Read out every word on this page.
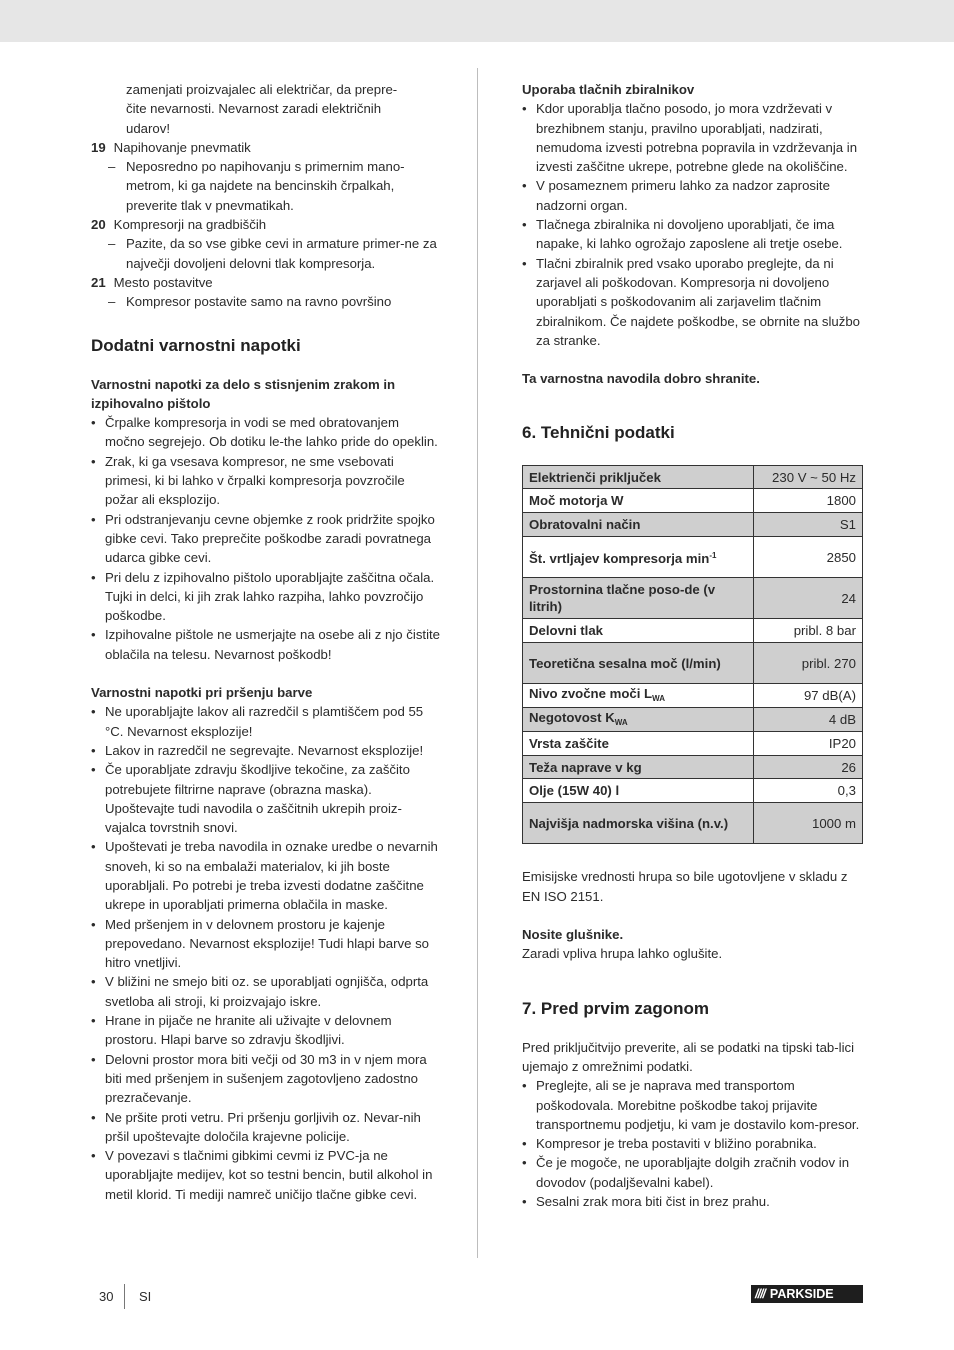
zamenjati proizvajalec ali električar, da prepre-

čite nevarnosti. Nevarnost zaradi električnih

udarov!

19 Napihovanje pnevmatik

– Neposredno po napihovanju s primernim mano-metrom, ki ga najdete na bencinskih črpalkah, preverite tlak v pnevmatikah.

20 Kompresorji na gradbiščih

– Pazite, da so vse gibke cevi in armature primer-ne za največji dovoljeni delovni tlak kompresorja.

21 Mesto postavitve

– Kompresor postavite samo na ravno površino

Dodatni varnostni napotki

Varnostni napotki za delo s stisnjenim zrakom in izpihovalno pištolo

• Črpalke kompresorja in vodi se med obratovanjem močno segrejejo. Ob dotiku le-the lahko pride do opeklin.
• Zrak, ki ga vsesava kompresor, ne sme vsebovati primesi, ki bi lahko v črpalki kompresorja povzročile požar ali eksplozijo.
• Pri odstranjevanju cevne objemke z rook pridržite spojko gibke cevi. Tako preprečite poškodbe zaradi povratnega udarca gibke cevi.
• Pri delu z izpihovalno pištolo uporabljajte zaščitna očala. Tujki in delci, ki jih zrak lahko razpiha, lahko povzročijo poškodbe.
• Izpihovalne pištole ne usmerjajte na osebe ali z njo čistite oblačila na telesu. Nevarnost poškodb!

Varnostni napotki pri pršenju barve

• Ne uporabljajte lakov ali razredčil s plamtiščem pod 55 °C. Nevarnost eksplozije!
• Lakov in razredčil ne segrevajte. Nevarnost eksplozije!
• Če uporabljate zdravju škodljive tekočine, za zaščito potrebujete filtrirne naprave (obrazna maska). Upoštevajte tudi navodila o zaščitnih ukrepih proiz-vajalca tovrstnih snovi.
• Upoštevati je treba navodila in oznake uredbe o nevarnih snoveh, ki so na embalaži materialov, ki jih boste uporabljali. Po potrebi je treba izvesti dodatne zaščitne ukrepe in uporabljati primerna oblačila in maske.
• Med pršenjem in v delovnem prostoru je kajenje prepovedano. Nevarnost eksplozije! Tudi hlapi barve so hitro vnetljivi.
• V bližini ne smejo biti oz. se uporabljati ognjišča, odprta svetloba ali stroji, ki proizvajajo iskre.
• Hrane in pijače ne hranite ali uživajte v delovnem prostoru. Hlapi barve so zdravju škodljivi.
• Delovni prostor mora biti večji od 30 m3 in v njem mora biti med pršenjem in sušenjem zagotovljeno zadostno prezračevanje.
• Ne pršite proti vetru. Pri pršenju gorljivih oz. Nevar-nih pršil upoštevajte določila krajevne policije.
• V povezavi s tlačnimi gibkimi cevmi iz PVC-ja ne uporabljajte medijev, kot so testni bencin, butil alkohol in metil klorid. Ti mediji namreč uničijo tlačne gibke cevi.

Uporaba tlačnih zbiralnikov

• Kdor uporablja tlačno posodo, jo mora vzdrževati v brezhibnem stanju, pravilno uporabljati, nadzirati, nemudoma izvesti potrebna popravila in vzdrževanja in izvesti zaščitne ukrepe, potrebne glede na okoliščine.
• V posameznem primeru lahko za nadzor zaprosite nadzorni organ.
• Tlačnega zbiralnika ni dovoljeno uporabljati, če ima napake, ki lahko ogrožajo zaposlene ali tretje osebe.
• Tlačni zbiralnik pred vsako uporabo preglejte, da ni zarjavel ali poškodovan. Kompresorja ni dovoljeno uporabljati s poškodovanim ali zarjavelim tlačnim zbiralnikom. Če najdete poškodbe, se obrnite na službo za stranke.

Ta varnostna navodila dobro shranite.

6. Tehnični podatki

Elektrienči priključek	230 V ~ 50 Hz
Moč motorja W	1800
Obratovalni način	S1
Št. vrtljajev kompresorja $\min^{-1}$	2850
Prostornina tlačne poso-de (v litrih)	24
Delovni tlak	pribl. 8 bar
Teoretična sesalna moč (l/min)	pribl. 270
Nivo zvočne moči $L_{WA}$	97 dB(A)
Negotovost $K_{WA}$	4 dB
Vrsta zaščite	IP20
Teža naprave v kg	26
Olje (15W 40) l	0,3
Najvišja nadmorska višina (n.v.)	1000 m

Emisijske vrednosti hrupa so bile ugotovljene v skladu z EN ISO 2151.

Nosite glušnike.

Zaradi vpliva hrupa lahko oglušite.

7. Pred prvim zagonom

Pred priključitvijo preverite, ali se podatki na tipski tab-lici ujemajo z omrežnimi podatki.

• Preglejte, ali se je naprava med transportom poškodovala. Morebitne poškodbe takoj prijavite transportnemu podjetju, ki vam je dostavilo kom-presor.
• Kompresor je treba postaviti v bližino porabnika.
• Če je mogoče, ne uporabljajte dolgih zračnih vodov in dovodov (podaljševalni kabel).
• Sesalni zrak mora biti čist in brez prahu.
30 SI	//// PARKSIDE
